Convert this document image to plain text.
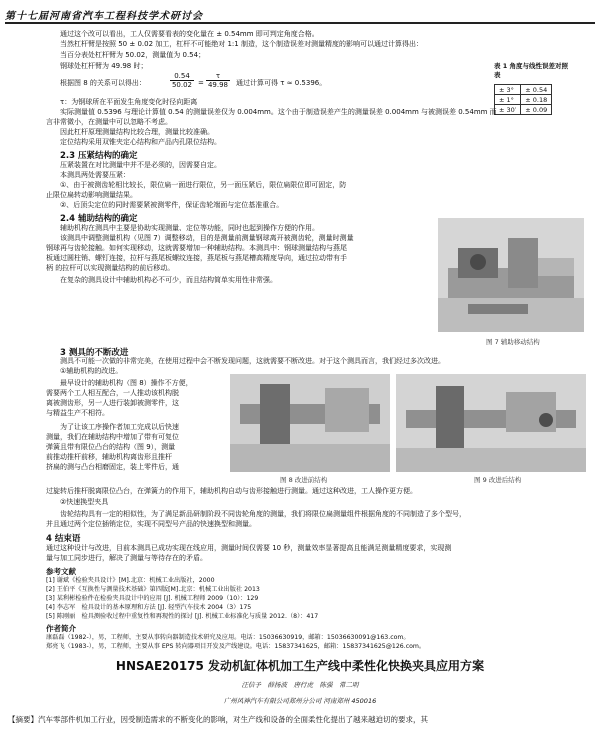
第十七届河南省汽车工程科技学术研讨会
通过这个改可以看出，工人仅需要看表的变化量在 ± 0.54mm 即可判定角度合格。
当然杠杆臂是按照 50 ± 0.02 加工，杠杆不可能绝对 1:1 制造，这个制造误差对测量精度的影响可以通过计算得出：
当百分表处杠杆臂为 50.02，测量值为 0.54；
钢球处杠杆臂为 49.98 时；
根据图 8 的关系可以得出：	$\frac{0.54}{50.02} = \frac{\tau}{49.98}$ 通过计算可得 τ ≈ 0.5396。
表 1 角度与线性误差对照表
± 3°	± 0.54
± 1°	± 0.18
± 30′	± 0.09
τ：为钢球所在平面发生角度变化时径向距离
实际测量值 0.5396 与理论计算值 0.54 的测量误差仅为 0.004mm。这个由于制造误差产生的测量误差 0.004mm 与被测误差 0.54mm 而
言非常微小，在测量中可以忽略不考虑。
因此杠杆原理测量结构比较合理，测量比较准确。
定位结构采用双锥夹定心结构和产品内孔限位结构。
2.3 压紧结构的确定
压紧装置在对比测量中并不是必须的，因需要自定。
本测具两处需要压紧：
①、由于被测齿轮相比较长，限位扁一面进行限位，另一面压紧后，限位扁限位即可固定，防
止限位扁转动影响测量结果。
②、后顶尖定位的同时需要紧被测零件，保证齿轮端面与定位基准重合。
2.4 辅助结构的确定
辅助机构在测具中主要是协助实现测量、定位等功能，同时也起到操作方便的作用。
该测具中调整测量机构（见图 7）调整移动，目的是测量前测量钢球离开被测齿轮，测量时测量
钢球再与齿轮接触。如何实现移动，这就需要增加一种辅助结构。本测具中：钢球测量结构与燕尾
板通过圆柱销、螺钉连接，拉杆与燕尾板螺纹连接，燕尾板与燕尾槽高精度导向，通过拉动带有手
柄 的拉杆可以实现测量结构的前后移动。
在复杂的测具设计中辅助机构必不可少，而且结构简单实用性非常强。
图 7 辅助移动结构
3 测具的不断改进
测具不可能一次做的非常完美，在使用过程中会不断发现问题，这就需要不断改进。对于这个测具而言，我们经过多次改进。
①辅助机构的改进。
最早设计的辅助机构（图 8）操作不方便，
需要两个工人相互配合，一人推动该机构脱
离被测齿形，另一人进行装卸被测零件，这
与精益生产不相符。
为了让该工序操作者加工完成以后快速
测量，我们在辅助结构中增加了带有可复位
弹簧且带有限位凸台的结构（图 9），测量
前推动推杆前移，辅助机构离齿形且推杆
挤扁的测与凸台相磨固定，装上零件后，通
图 8 改进前结构	图 9 改进后结构
过旋转后推杆脱离限位凸台，在弹簧力的作用下，辅助机构自动与齿形接触进行测量。通过这种改进，工人操作更方便。
②快速换型夹具
齿轮结构具有一定的相似性，为了满足新品研制阶段不同齿轮角度的测量，我们将限位扁测量组件根据角度的不同制造了多个型号，
并且通过两个定位插销定位，实现不同型号产品的快速换型和测量。
4 结束语
通过这种设计与改进，目前本测具已成功实现在线应用，测量时间仅需要 10 秒，测量效率显著提高且能满足测量精度要求，实现测
量与加工同步进行，解决了测量与等待存在的矛盾。
参考文献
[1] 谢斌《检验夹具设计》[M].北京：机械工业出版社，2000
[2] 王伯平《互换性与测量技术基础》第四版[M].北京：机械工业出版社 2013
[3] 某利彬检验件在检验夹具设计中的应用 [J]. 机械工程师 2009（10）：129
[4] 李志军　检具设计的基本原理和方法 [J]. 轻型汽车技术 2004（3）175
[5] 陈刚丽　检具测验收过程中重复性和再现性的探讨 [J]. 机械工业标准化与质量 2012.（8）：417
作者简介
康磊磊（1982-），男，工程师，主要从事转向器制造技术研究及应用。电话：15036630919，邮箱：15036630091@163.com。
郑亮飞（1983-），男，工程师，主要从事 EPS 转向器项目开发及产线建设。电话：15837341625，邮箱：15837341625@126.com。
HNSAE20175 发动机缸体机加工生产线中柔性化快换夹具应用方案
汪信予　薛扬波　唐行虎　陈强　常二明
广州风神汽车有限公司郑州分公司 河南郑州 450016
【摘要】汽车零部件机加工行业，因受制造需求的不断变化的影响，对生产线和设备的全面柔性化提出了越来越迫切的要求，其
